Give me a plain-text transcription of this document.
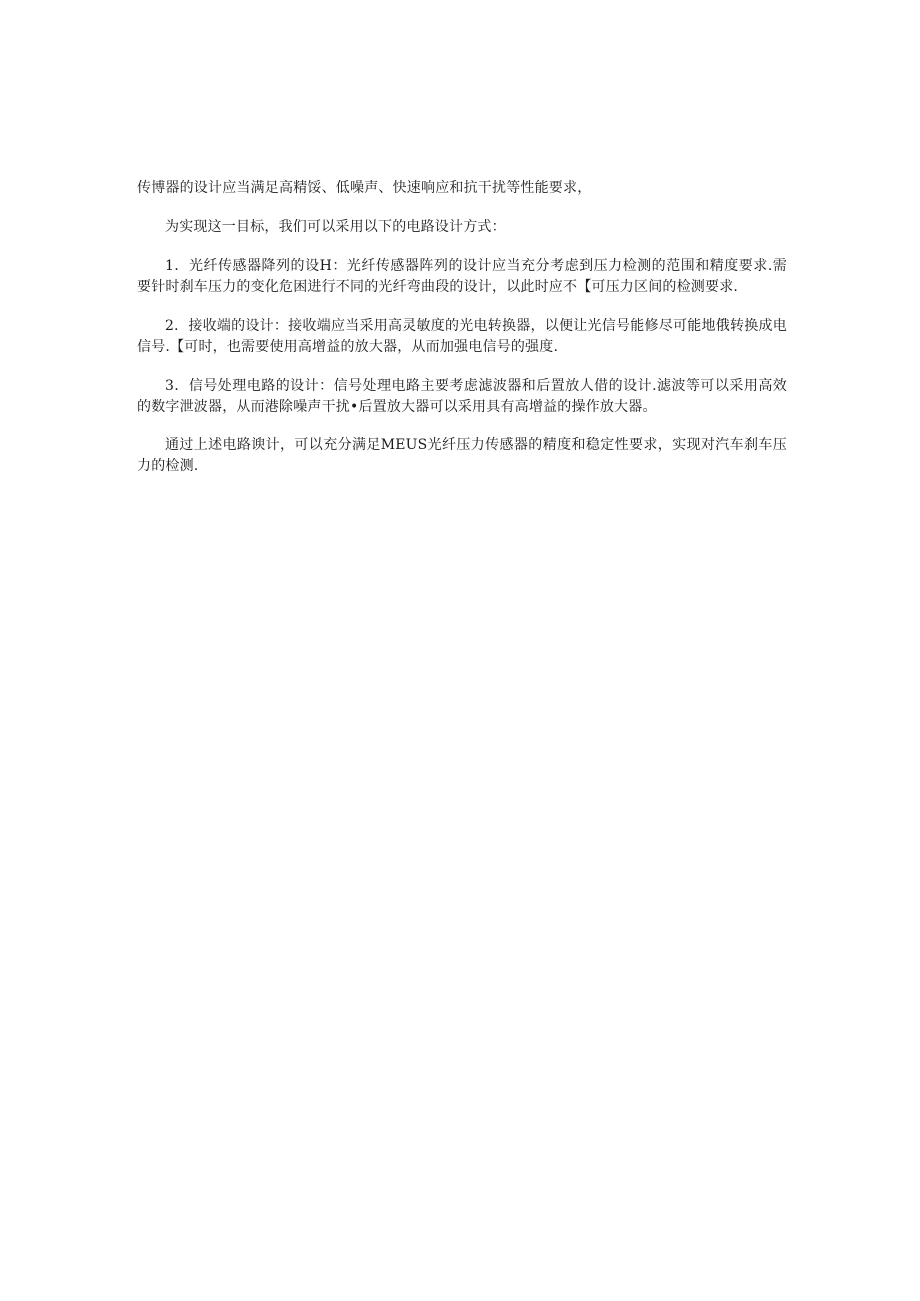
传博器的设计应当满足高精馁、低噪声、快速响应和抗干扰等性能要求，

为实现这一目标，我们可以采用以下的电路设计方式：

1．光纤传感器降列的设H：光纤传感器阵列的设计应当充分考虑到压力检测的范围和精度要求.需要针时刹车压力的变化危困进行不同的光纤弯曲段的设计，以此时应不【可压力区间的检测要求.

2．接收端的设计：接收端应当采用高灵敏度的光电转换器，以便让光信号能修尽可能地俄转换成电信号.【可时，也需要使用高增益的放大器，从而加强电信号的强度.

3．信号处理电路的设计：信号处理电路主要考虑滤波器和后置放人借的设计.滤波等可以采用高效的数字泄波器，从而港除噪声干扰•后置放大器可以采用具有高增益的操作放大器。

通过上述电路谀计，可以充分满足MEUS光纤压力传感器的精度和稳定性要求，实现对汽车刹车压力的检测.
